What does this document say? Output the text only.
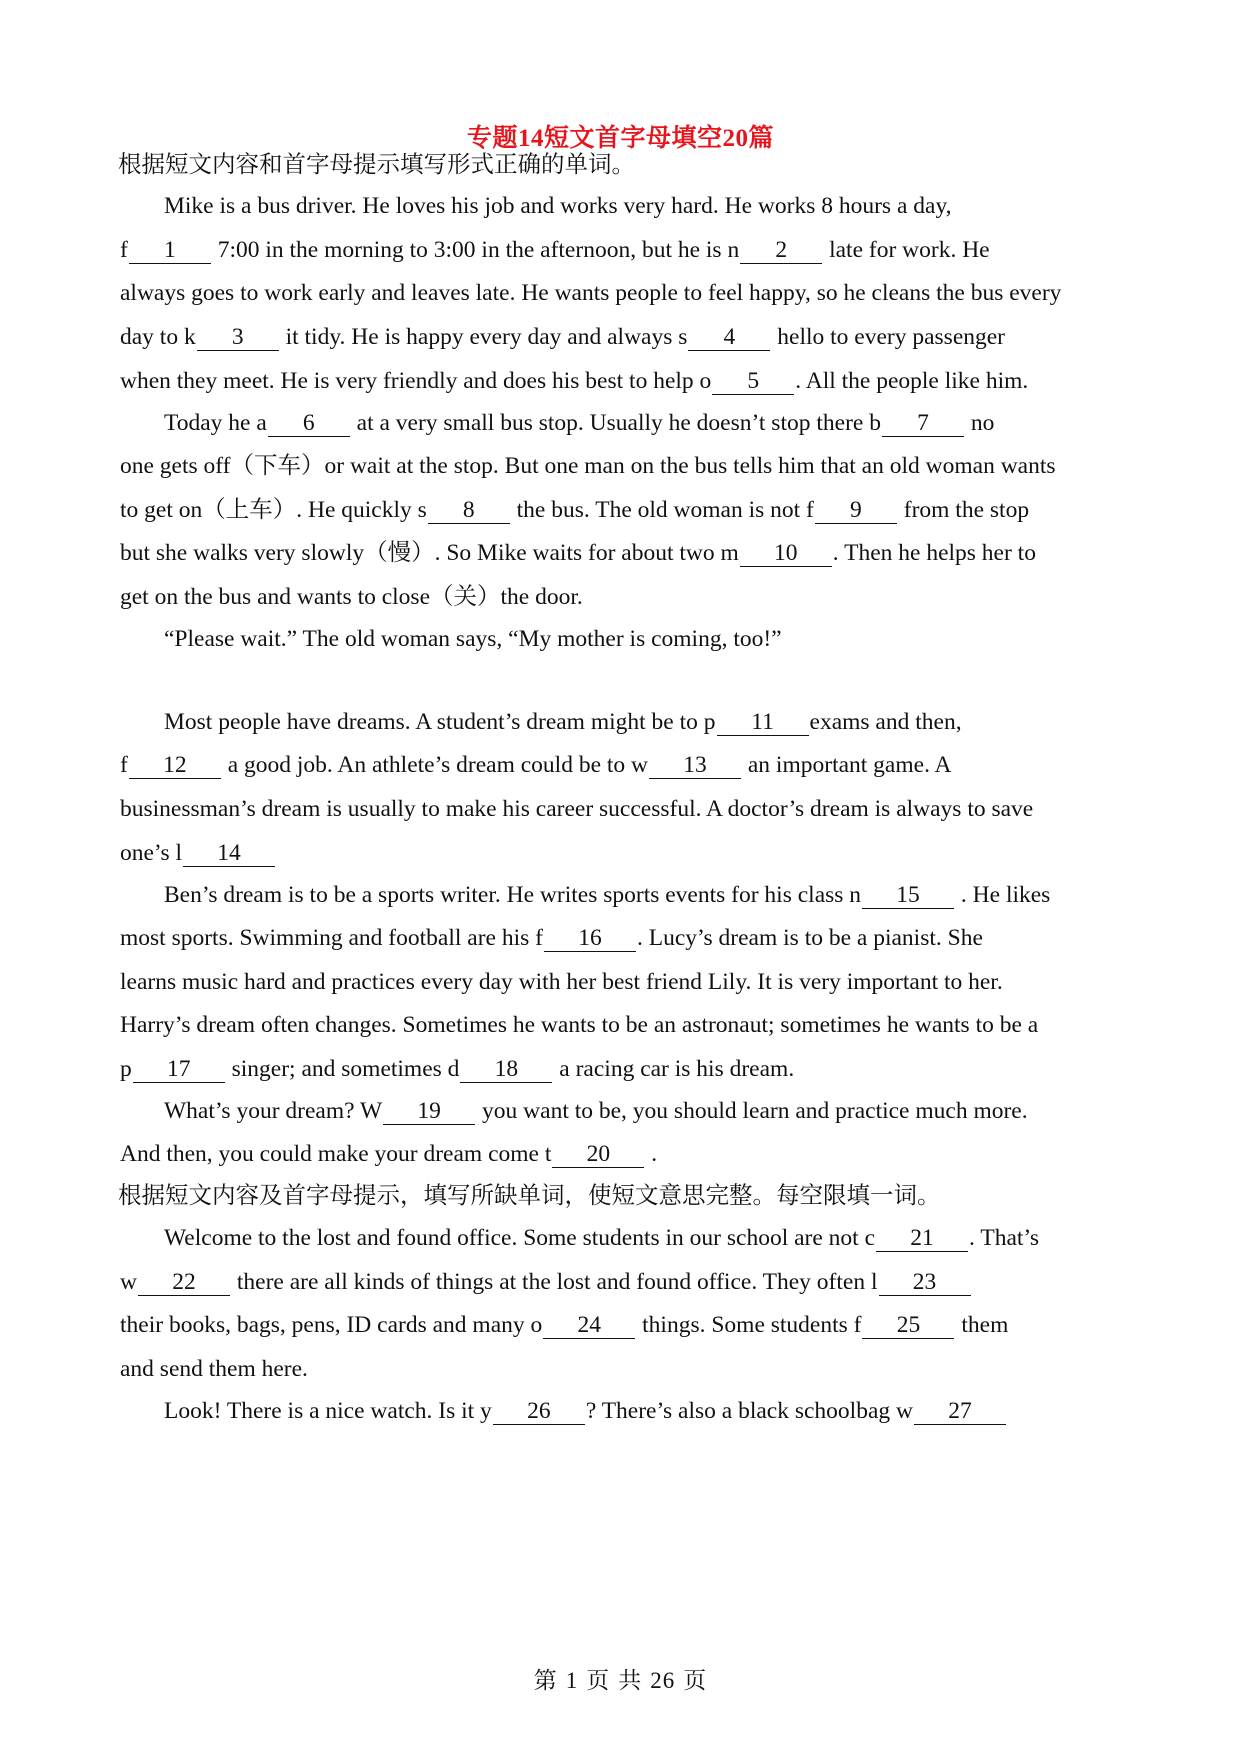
专题14短文首字母填空20篇
根据短文内容和首字母提示填写形式正确的单词。
Mike is a bus driver. He loves his job and works very hard. He works 8 hours a day,
f 1 7:00 in the morning to 3:00 in the afternoon, but he is n 2 late for work. He
always goes to work early and leaves late. He wants people to feel happy, so he cleans the bus every
day to k 3 it tidy. He is happy every day and always s 4 hello to every passenger
when they meet. He is very friendly and does his best to help o 5 . All the people like him.
Today he a 6 at a very small bus stop. Usually he doesn’t stop there b 7 no
one gets off（下车）or wait at the stop. But one man on the bus tells him that an old woman wants
to get on（上车）. He quickly s 8 the bus. The old woman is not f 9 from the stop
but she walks very slowly（慢）. So Mike waits for about two m 10 . Then he helps her to
get on the bus and wants to close（关）the door.
“Please wait.” The old woman says, “My mother is coming, too!”
Most people have dreams. A student’s dream might be to p 11 exams and then,
f 12 a good job. An athlete’s dream could be to w 13 an important game. A
businessman’s dream is usually to make his career successful. A doctor’s dream is always to save
one’s l 14
Ben’s dream is to be a sports writer. He writes sports events for his class n 15 . He likes
most sports. Swimming and football are his f 16 . Lucy’s dream is to be a pianist. She
learns music hard and practices every day with her best friend Lily. It is very important to her.
Harry’s dream often changes. Sometimes he wants to be an astronaut; sometimes he wants to be a
p 17 singer; and sometimes d 18 a racing car is his dream.
What’s your dream? W 19 you want to be, you should learn and practice much more.
And then, you could make your dream come t 20 .
根据短文内容及首字母提示，填写所缺单词，使短文意思完整。每空限填一词。
Welcome to the lost and found office. Some students in our school are not c 21 . That’s
w 22 there are all kinds of things at the lost and found office. They often l 23
their books, bags, pens, ID cards and many o 24 things. Some students f 25 them
and send them here.
Look! There is a nice watch. Is it y 26 ? There’s also a black schoolbag w 27
第 1 页 共 26 页
